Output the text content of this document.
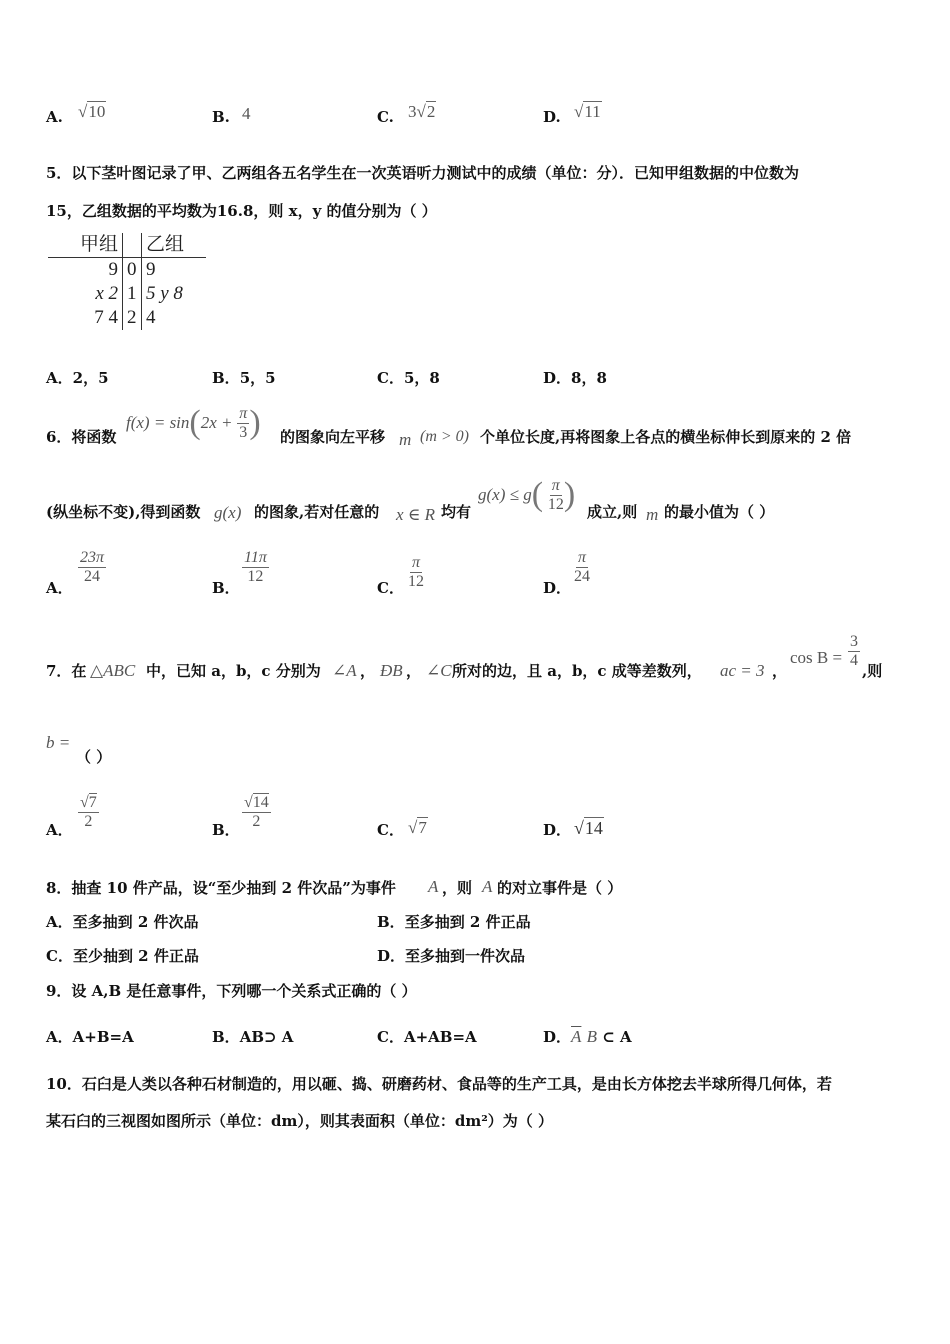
A. √10	B. 4	C. 3√2	D. √11
5．以下茎叶图记录了甲、乙两组各五名学生在一次英语听力测试中的成绩（单位：分）．已知甲组数据的中位数为
15，乙组数据的平均数为16.8，则 x，y 的值分别为（ ）
甲组		乙组
9	0	9
x 2	1	5 y 8
7 4	2	4
A．2，5	B．5，5	C．5，8	D．8，8
6．将函数
$f(x) = \sin(2x + \frac{\pi}{3}$ ) 的图象向左平移 m (m > 0) 个单位长度,再将图象上各点的横坐标伸长到原来的 2 倍
(纵坐标不变),得到函数 g(x) 的图象,若对任意的 x ∈ R 均有
$g(x) \le g( \frac{\pi}{12}$ ) 成立,则 m 的最小值为（ ）
A．
$\frac{23\pi}{24}$
B．
$\frac{11\pi}{12}$
C． $\frac{\pi}{12}$	D．
$\frac{\pi}{24}$
7．在 △ABC 中，已知 a，b，c 分别为 ∠A ， ÐB ， ∠C 所对的边，且 a，b，c 成等差数列， ac = 3 ，
$\cos B = \frac{3}{4}$
,则
b =
（ ）
A． $\frac{√7}{2}$	B． $\frac{√14}{2}$	C． √7	D． √14
8．抽查 10 件产品，设“至少抽到 2 件次品”为事件 A ，则 A 的对立事件是（ ）
A．至多抽到 2 件次品	B．至多抽到 2 件正品
C．至少抽到 2 件正品	D．至多抽到一件次品
9．设 A,B 是任意事件，下列哪一个关系式正确的（ ）
A．A+B=A	B．AB⊃ A	C．A+AB=A	D．$\overline{A}$ B ⊂ A
10．石臼是人类以各种石材制造的，用以砸、捣、研磨药材、食品等的生产工具，是由长方体挖去半球所得几何体，若
某石臼的三视图如图所示（单位：dm），则其表面积（单位：dm²）为（ ）
